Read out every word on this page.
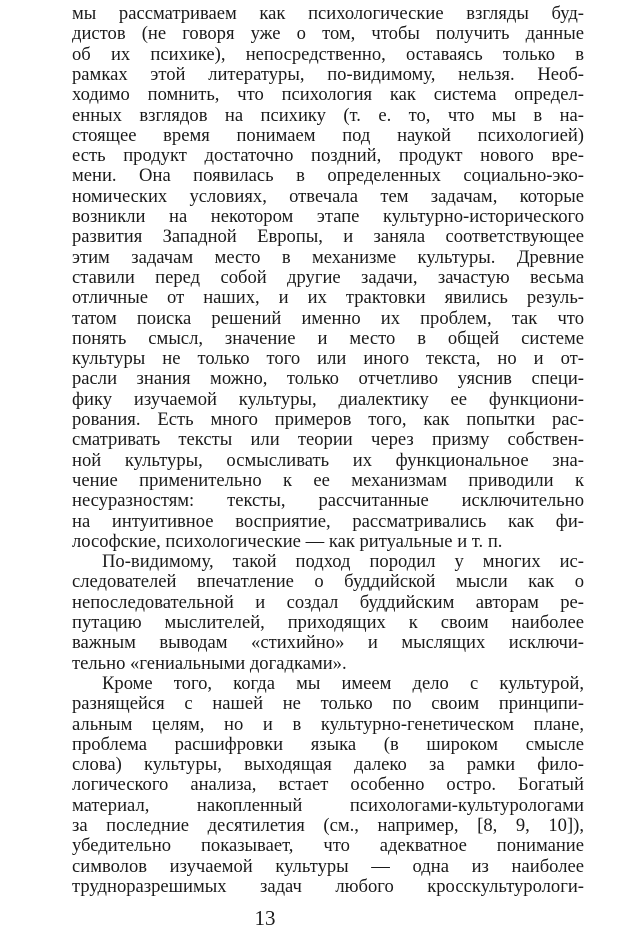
мы рассматриваем как психологические взгляды буд-
дистов (не говоря уже о том, чтобы получить данные
об их психике), непосредственно, оставаясь только в
рамках этой литературы, по-видимому, нельзя. Необ-
ходимо помнить, что психология как система определ-
енных взглядов на психику (т. е. то, что мы в на-
стоящее время понимаем под наукой психологией)
есть продукт достаточно поздний, продукт нового вре-
мени. Она появилась в определенных социально-эко-
номических условиях, отвечала тем задачам, которые
возникли на некотором этапе культурно-исторического
развития Западной Европы, и заняла соответствующее
этим задачам место в механизме культуры. Древние
ставили перед собой другие задачи, зачастую весьма
отличные от наших, и их трактовки явились резуль-
татом поиска решений именно их проблем, так что
понять смысл, значение и место в общей системе
культуры не только того или иного текста, но и от-
расли знания можно, только отчетливо уяснив специ-
фику изучаемой культуры, диалектику ее функциони-
рования. Есть много примеров того, как попытки рас-
сматривать тексты или теории через призму собствен-
ной культуры, осмысливать их функциональное зна-
чение применительно к ее механизмам приводили к
несуразностям: тексты, рассчитанные исключительно
на интуитивное восприятие, рассматривались как фи-
лософские, психологические — как ритуальные и т. п.
По-видимому, такой подход породил у многих ис-
следователей впечатление о буддийской мысли как о
непоследовательной и создал буддийским авторам ре-
путацию мыслителей, приходящих к своим наиболее
важным выводам «стихийно» и мыслящих исключи-
тельно «гениальными догадками».
Кроме того, когда мы имеем дело с культурой,
разнящейся с нашей не только по своим принципи-
альным целям, но и в культурно-генетическом плане,
проблема расшифровки языка (в широком смысле
слова) культуры, выходящая далеко за рамки фило-
логического анализа, встает особенно остро. Богатый
материал, накопленный психологами-культурологами
за последние десятилетия (см., например, [8, 9, 10]),
убедительно показывает, что адекватное понимание
символов изучаемой культуры — одна из наиболее
трудноразрешимых задач любого кросскультурологи-
13
